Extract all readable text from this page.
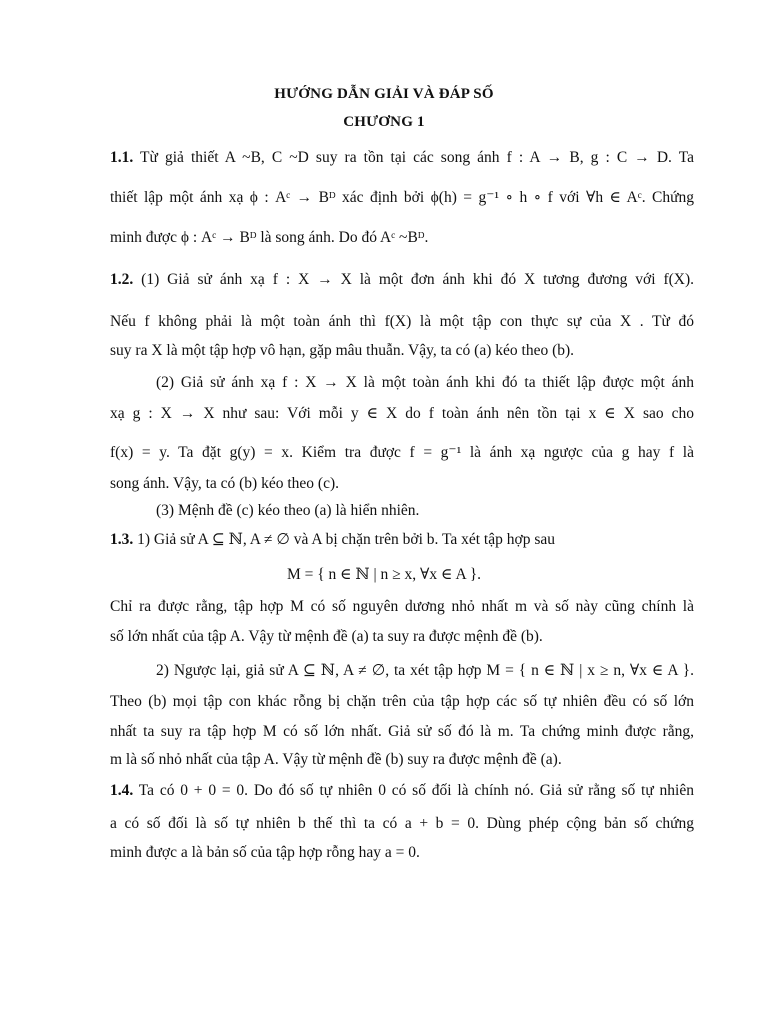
HƯỚNG DẪN GIẢI VÀ ĐÁP SỐ
CHƯƠNG 1
1.1. Từ giả thiết A ~B, C ~D suy ra tồn tại các song ánh f : A → B, g : C → D. Ta
thiết lập một ánh xạ ϕ : Aᶜ → Bᴰ xác định bởi ϕ(h) = g⁻¹ ∘ h ∘ f với ∀h ∈ Aᶜ. Chứng
minh được ϕ : Aᶜ → Bᴰ là song ánh. Do đó Aᶜ ~Bᴰ.
1.2. (1) Giả sử ánh xạ f : X → X là một đơn ánh khi đó X tương đương với f(X).
Nếu f không phải là một toàn ánh thì f(X) là một tập con thực sự của X . Từ đó
suy ra X là một tập hợp vô hạn, gặp mâu thuẫn. Vậy, ta có (a) kéo theo (b).
(2) Giả sử ánh xạ f : X → X là một toàn ánh khi đó ta thiết lập được một ánh
xạ g : X → X như sau: Với mỗi y ∈ X do f toàn ánh nên tồn tại x ∈ X sao cho
f(x) = y. Ta đặt g(y) = x. Kiểm tra được f = g⁻¹ là ánh xạ ngược của g hay f là
song ánh. Vậy, ta có (b) kéo theo (c).
(3) Mệnh đề (c) kéo theo (a) là hiển nhiên.
1.3. 1) Giả sử A ⊆ ℕ, A ≠ ∅ và A bị chặn trên bởi b. Ta xét tập hợp sau
M = { n ∈ ℕ | n ≥ x, ∀x ∈ A }.
Chỉ ra được rằng, tập hợp M có số nguyên dương nhỏ nhất m và số này cũng chính là
số lớn nhất của tập A. Vậy từ mệnh đề (a) ta suy ra được mệnh đề (b).
2) Ngược lại, giả sử A ⊆ ℕ, A ≠ ∅, ta xét tập hợp M = { n ∈ ℕ | x ≥ n, ∀x ∈ A }.
Theo (b) mọi tập con khác rỗng bị chặn trên của tập hợp các số tự nhiên đều có số lớn
nhất ta suy ra tập hợp M có số lớn nhất. Giả sử số đó là m. Ta chứng minh được rằng,
m là số nhỏ nhất của tập A. Vậy từ mệnh đề (b) suy ra được mệnh đề (a).
1.4. Ta có 0 + 0 = 0. Do đó số tự nhiên 0 có số đối là chính nó. Giả sử rằng số tự nhiên
a có số đối là số tự nhiên b thế thì ta có a + b = 0. Dùng phép cộng bản số chứng
minh được a là bản số của tập hợp rỗng hay a = 0.
